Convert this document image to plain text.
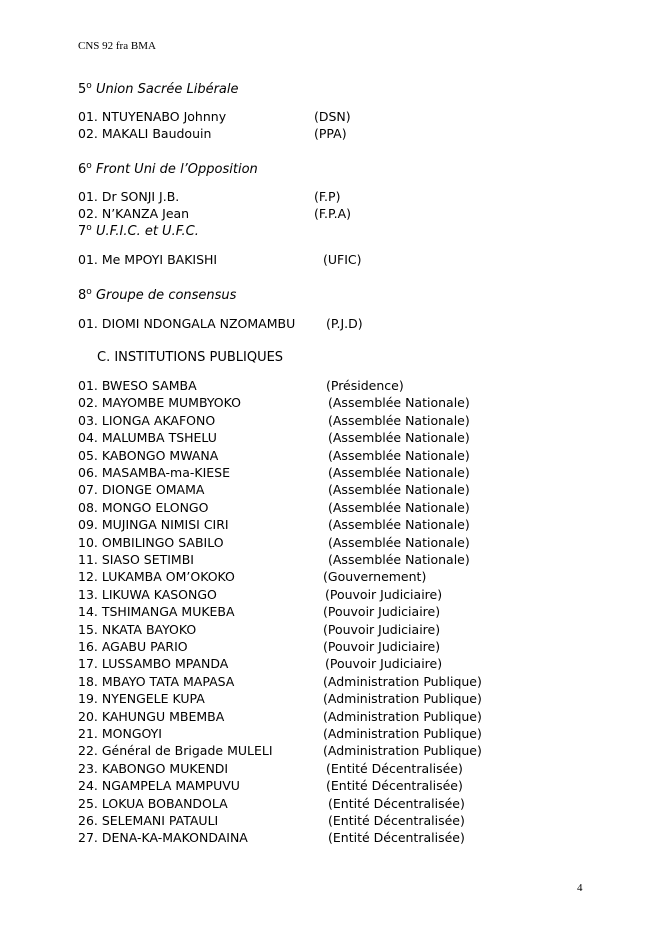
CNS 92 fra BMA
5$^o$ Union Sacrée Libérale
01. NTUYENABO Johnny	(DSN)
02. MAKALI Baudouin	(PPA)
6$^o$ Front Uni de l’Opposition
01. Dr SONJI J.B.	(F.P)
02. N’KANZA Jean	(F.P.A)
7$^o$ U.F.I.C. et U.F.C.
01. Me MPOYI BAKISHI	(UFIC)
8$^o$ Groupe de consensus
01. DIOMI NDONGALA NZOMAMBU (P.J.D)
C. INSTITUTIONS PUBLIQUES
01. BWESO SAMBA	(Présidence)
02. MAYOMBE MUMBYOKO	(Assemblée Nationale)
03. LIONGA AKAFONO	(Assemblée Nationale)
04. MALUMBA TSHELU	(Assemblée Nationale)
05. KABONGO MWANA	(Assemblée Nationale)
06. MASAMBA-ma-KIESE	(Assemblée Nationale)
07. DIONGE OMAMA	(Assemblée Nationale)
08. MONGO ELONGO	(Assemblée Nationale)
09. MUJINGA NIMISI CIRI	(Assemblée Nationale)
10. OMBILINGO SABILO	(Assemblée Nationale)
11. SIASO SETIMBI	(Assemblée Nationale)
12. LUKAMBA OM’OKOKO	(Gouvernement)
13. LIKUWA KASONGO	(Pouvoir Judiciaire)
14. TSHIMANGA MUKEBA	(Pouvoir Judiciaire)
15. NKATA BAYOKO	(Pouvoir Judiciaire)
16. AGABU PARIO	(Pouvoir Judiciaire)
17. LUSSAMBO MPANDA	(Pouvoir Judiciaire)
18. MBAYO TATA MAPASA	(Administration Publique)
19. NYENGELE KUPA	(Administration Publique)
20. KAHUNGU MBEMBA	(Administration Publique)
21. MONGOYI	(Administration Publique)
22. Général de Brigade MULELI	(Administration Publique)
23. KABONGO MUKENDI	(Entité Décentralisée)
24. NGAMPELA MAMPUVU	(Entité Décentralisée)
25. LOKUA BOBANDOLA	(Entité Décentralisée)
26. SELEMANI PATAULI	(Entité Décentralisée)
27. DENA-KA-MAKONDAINA	(Entité Décentralisée)
4
